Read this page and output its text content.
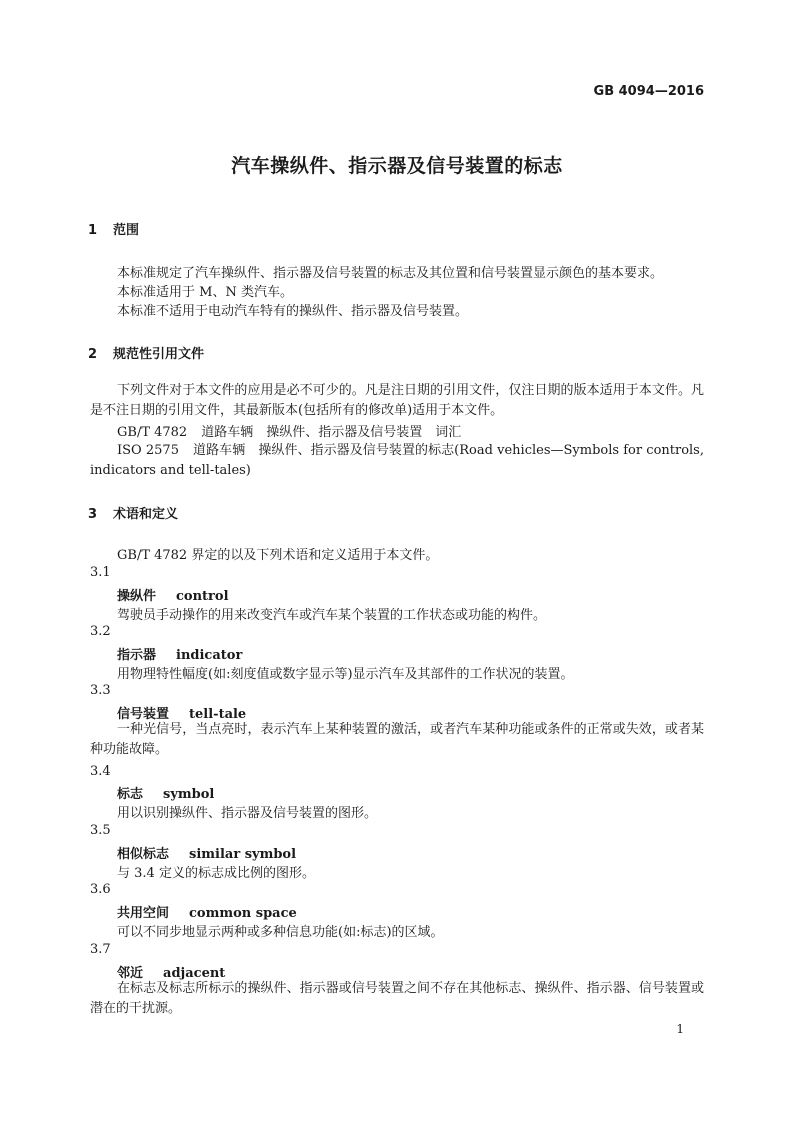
GB 4094—2016
汽车操纵件、指示器及信号装置的标志
1 范围
本标准规定了汽车操纵件、指示器及信号装置的标志及其位置和信号装置显示颜色的基本要求。
本标准适用于 M、N 类汽车。
本标准不适用于电动汽车特有的操纵件、指示器及信号装置。
2 规范性引用文件
下列文件对于本文件的应用是必不可少的。凡是注日期的引用文件，仅注日期的版本适用于本文件。凡是不注日期的引用文件，其最新版本(包括所有的修改单)适用于本文件。
GB/T 4782 道路车辆　操纵件、指示器及信号装置　词汇
ISO 2575 道路车辆　操纵件、指示器及信号装置的标志(Road vehicles—Symbols for controls, indicators and tell-tales)
3 术语和定义
GB/T 4782 界定的以及下列术语和定义适用于本文件。
3.1
操纵件 control
驾驶员手动操作的用来改变汽车或汽车某个装置的工作状态或功能的构件。
3.2
指示器 indicator
用物理特性幅度(如:刻度值或数字显示等)显示汽车及其部件的工作状况的装置。
3.3
信号装置 tell-tale
一种光信号，当点亮时，表示汽车上某种装置的激活，或者汽车某种功能或条件的正常或失效，或者某种功能故障。
3.4
标志 symbol
用以识别操纵件、指示器及信号装置的图形。
3.5
相似标志 similar symbol
与 3.4 定义的标志成比例的图形。
3.6
共用空间 common space
可以不同步地显示两种或多种信息功能(如:标志)的区域。
3.7
邻近 adjacent
在标志及标志所标示的操纵件、指示器或信号装置之间不存在其他标志、操纵件、指示器、信号装置或潜在的干扰源。
1
